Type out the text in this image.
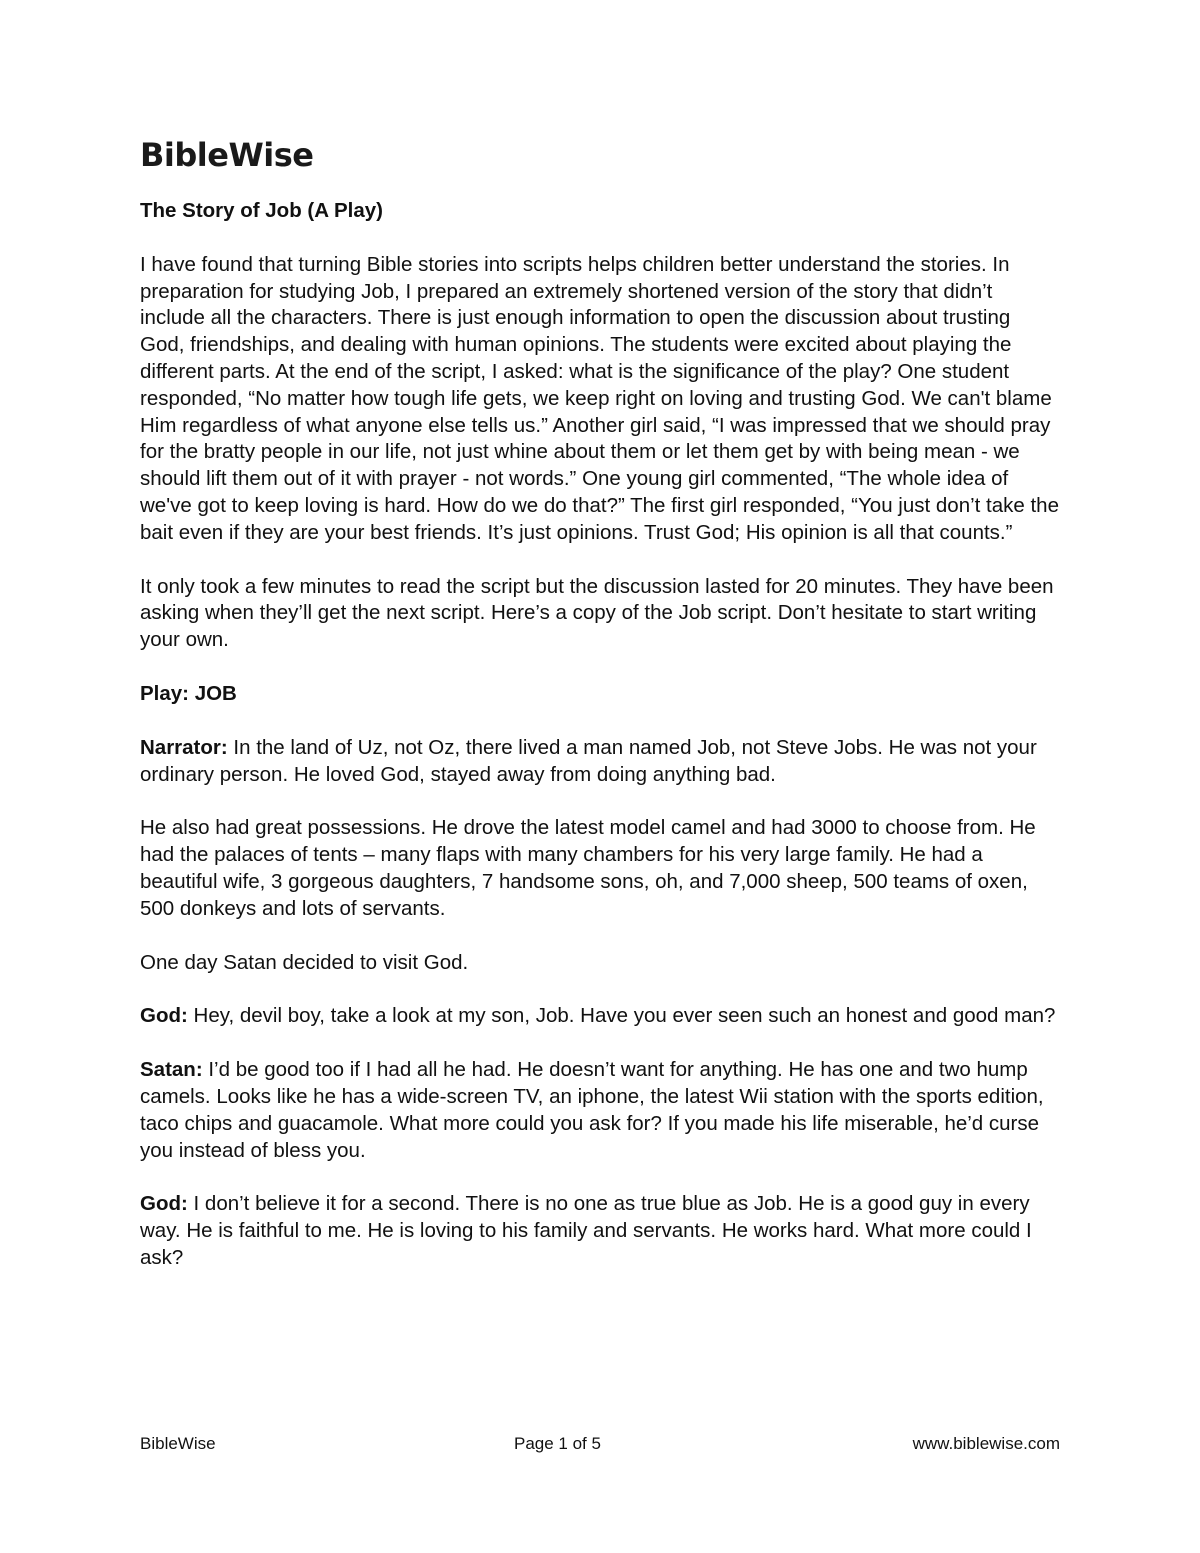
BibleWise

The Story of Job (A Play)

I have found that turning Bible stories into scripts helps children better understand the stories. In preparation for studying Job, I prepared an extremely shortened version of the story that didn’t include all the characters. There is just enough information to open the discussion about trusting God, friendships, and dealing with human opinions. The students were excited about playing the different parts. At the end of the script, I asked: what is the significance of the play? One student responded, “No matter how tough life gets, we keep right on loving and trusting God. We can't blame Him regardless of what anyone else tells us.” Another girl said, “I was impressed that we should pray for the bratty people in our life, not just whine about them or let them get by with being mean - we should lift them out of it with prayer - not words.” One young girl commented, “The whole idea of we've got to keep loving is hard. How do we do that?” The first girl responded, “You just don’t take the bait even if they are your best friends. It’s just opinions. Trust God; His opinion is all that counts.”

It only took a few minutes to read the script but the discussion lasted for 20 minutes. They have been asking when they’ll get the next script. Here’s a copy of the Job script. Don’t hesitate to start writing your own.

Play: JOB

Narrator: In the land of Uz, not Oz, there lived a man named Job, not Steve Jobs. He was not your ordinary person. He loved God, stayed away from doing anything bad.

He also had great possessions. He drove the latest model camel and had 3000 to choose from. He had the palaces of tents – many flaps with many chambers for his very large family. He had a beautiful wife, 3 gorgeous daughters, 7 handsome sons, oh, and 7,000 sheep, 500 teams of oxen, 500 donkeys and lots of servants.

One day Satan decided to visit God.

God: Hey, devil boy, take a look at my son, Job. Have you ever seen such an honest and good man?

Satan: I’d be good too if I had all he had. He doesn’t want for anything. He has one and two hump camels. Looks like he has a wide-screen TV, an iphone, the latest Wii station with the sports edition, taco chips and guacamole. What more could you ask for? If you made his life miserable, he’d curse you instead of bless you.

God: I don’t believe it for a second. There is no one as true blue as Job. He is a good guy in every way. He is faithful to me. He is loving to his family and servants. He works hard. What more could I ask?

BibleWise	Page 1 of 5	www.biblewise.com
